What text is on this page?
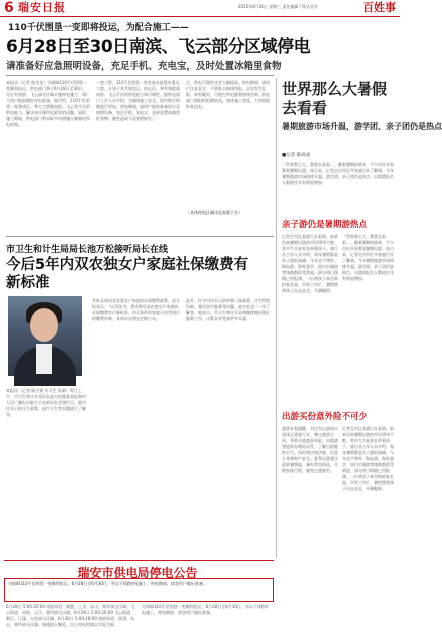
6 瑞安日报	2015年6月24日 星期三 责任编辑 / 版式设计	百姓事
110千伏围垦一变即将投运，为配合施工——
6月28日至30日南滨、飞云部分区域停电
请准备好应急照明设备，充足手机、充电宝，及时处置冰箱里食物
本报讯（记者 陈龙龙）为保障110千伏围垦一变顺利投运，供电部门将于6月28日至30日，分区对南滨、飞云部分区域实施停电施工，请广大用户提前做好停电准备。据介绍，110千伏围垦一变建成后，将大大增强南滨、飞云等片区的供电能力，解决该区域用电紧张的问题。届时，施工期间，供电部门将采取多项措施尽量缩短停电时间。
一变工程，110千伏围垦一变变电站是我市重点工程，计划于本月底投运。投运后，将有效提高南滨、飞云片区的供电能力和可靠性。据供电部门工作人员介绍，为确保施工安全，需对相关线路进行停电。停电期间，请用户提前准备好应急照明设备，充足手机、充电宝，及时处置冰箱里的食物，避免造成不必要的损失。
点，供电可靠性也会大幅提高。停电期间，请用户注意安全，不要私自接线用电，以免发生危险。如有疑问，可拨打供电服务热线咨询。供电部门将组织抢修队伍，加快施工进度，力争提前恢复送电。
（具体停电区域详见本版下方）
世界那么大暑假去看看
暑期旅游市场升温，游学团、亲子团仍是热点
■记者 陈成成
「世界那么大，我想去看看」。随着暑期的到来，不少市民开始筹划暑期出游。连日来，记者走访市区多家旅行社了解到，今年暑期旅游市场持续升温，游学团、亲子团仍是热点，出境游报名人数较往年有明显增加。
亲子游仍是暑期游热点
记者在市区某旅行社看到，前来咨询暑期出游的市民络绎不绝，其中大多是家长带着孩子。旅行社工作人员介绍，每年暑假都是亲子游的高峰，今年也不例外。海岛游、海外游学、国内名城游等线路都很受欢迎，部分热门线路已经报满。一位带孩子来咨询的家长说，平时工作忙，暑假想带孩子出去走走，开阔眼界。
「世界那么大，我想去看看」。随着暑期的到来，不少市民开始筹划暑期出游。连日来，记者走访市区多家旅行社了解到，今年暑期旅游市场持续升温，游学团、亲子团仍是热点，出境游报名人数较往年有明显增加。
出游买份意外险不可少
旅游专家提醒，市民在出游前应选择正规旅行社，签订旅游合同，并购买旅游意外险。出境游要提前办理好证件，了解目的地的天气、风俗和法律法规，注意人身和财产安全。夏季出游要注意防暑降温，备好常用药品，合理安排行程，避免过度疲劳。
记者在市区某旅行社看到，前来咨询暑期出游的市民络绎不绝，其中大多是家长带着孩子。旅行社工作人员介绍，每年暑假都是亲子游的高峰，今年也不例外。海岛游、海外游学、国内名城游等线路都很受欢迎，部分热门线路已经报满。一位带孩子来咨询的家长说，平时工作忙，暑假想带孩子出去走走，开阔眼界。
市卫生和计生局局长池万松接听局长在线
今后5年内双农独女户家庭社保缴费有新标准
市卫计局局长池万松
本报讯（记者 陈吉倩 实习生 朱婧）昨日上午，市卫生和计生局局长池万松做客本报和市人民广播电台联合主办的局长在线栏目，就市民关心的计生政策、医疗卫生等问题进行了解答。
有听众询问双农独女户家庭的社保缴费政策。池万松表示，今后5年内，我市将对双农独女户家庭的社保缴费实行新标准，符合条件的家庭可享受相应的缴费补助，具体办法将在近期公布。
此外，针对市民关心的单独二孩政策、计生特别扶助、基层医疗服务等问题，池万松也一一作了解答。他表示，市卫生和计生局将继续做好便民服务工作，让群众享受到更多实惠。
瑞安市供电局停电公告
为保障110千伏围垦一变顺利投运，6月28日至6月30日，对以下线路停电施工，停电期间，请各用户做好准备。
6月28日 5:00-20:00 南滨街道：阁巷、上岙、东山、林垟部分区域；飞云街道：孙桥、云江、曹村部分区域。6月29日 5:00-20:00 飞云街道：新江、江溪、万松部分区域。6月30日 5:00-18:00 南滨街道：围垦、东山、林垟部分区域。如遇雨天顺延，以上停电时间以实际为准。
为保障110千伏围垦一变顺利投运，6月28日至6月30日，对以下线路停电施工，停电期间，请各用户做好准备。
